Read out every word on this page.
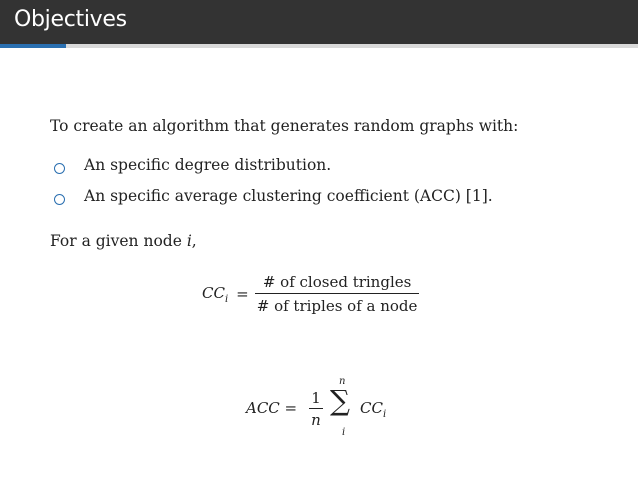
Objectives
To create an algorithm that generates random graphs with:
An specific degree distribution.
An specific average clustering coefficient (ACC) [1].
For a given node i,
$CC_i = \frac{\text{\# of closed tringles}}{\text{\# of triples of a node}}$
ACC =
1
n
n
∑
i
$CC_i$
